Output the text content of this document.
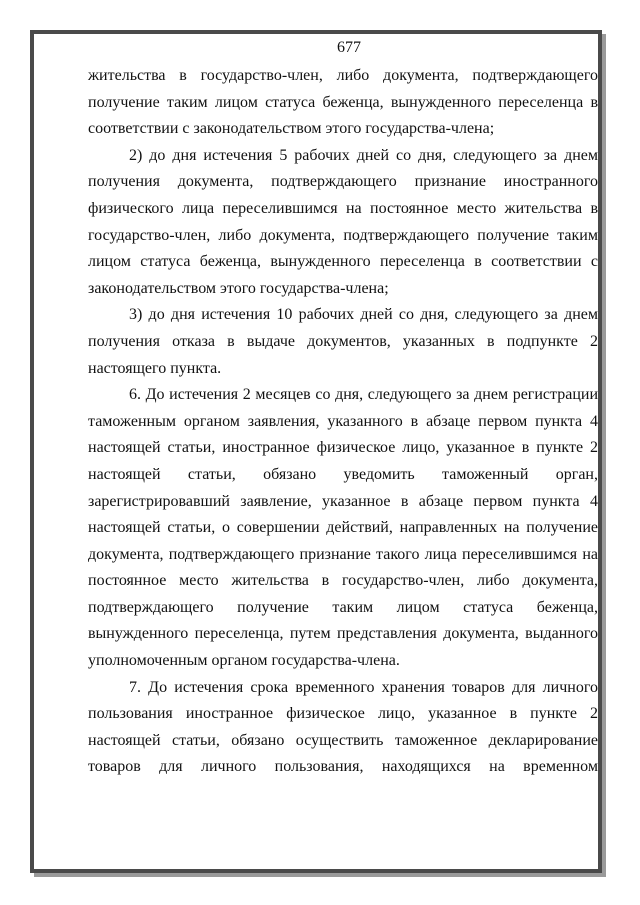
677

жительства в государство-член, либо документа, подтверждающего получение таким лицом статуса беженца, вынужденного переселенца в соответствии с законодательством этого государства-члена;

2) до дня истечения 5 рабочих дней со дня, следующего за днем получения документа, подтверждающего признание иностранного физического лица переселившимся на постоянное место жительства в государство-член, либо документа, подтверждающего получение таким лицом статуса беженца, вынужденного переселенца в соответствии с законодательством этого государства-члена;

3) до дня истечения 10 рабочих дней со дня, следующего за днем получения отказа в выдаче документов, указанных в подпункте 2 настоящего пункта.

6. До истечения 2 месяцев со дня, следующего за днем регистрации таможенным органом заявления, указанного в абзаце первом пункта 4 настоящей статьи, иностранное физическое лицо, указанное в пункте 2 настоящей статьи, обязано уведомить таможенный орган, зарегистрировавший заявление, указанное в абзаце первом пункта 4 настоящей статьи, о совершении действий, направленных на получение документа, подтверждающего признание такого лица переселившимся на постоянное место жительства в государство-член, либо документа, подтверждающего получение таким лицом статуса беженца, вынужденного переселенца, путем представления документа, выданного уполномоченным органом государства-члена.

7. До истечения срока временного хранения товаров для личного пользования иностранное физическое лицо, указанное в пункте 2 настоящей статьи, обязано осуществить таможенное декларирование товаров для личного пользования, находящихся на временном
